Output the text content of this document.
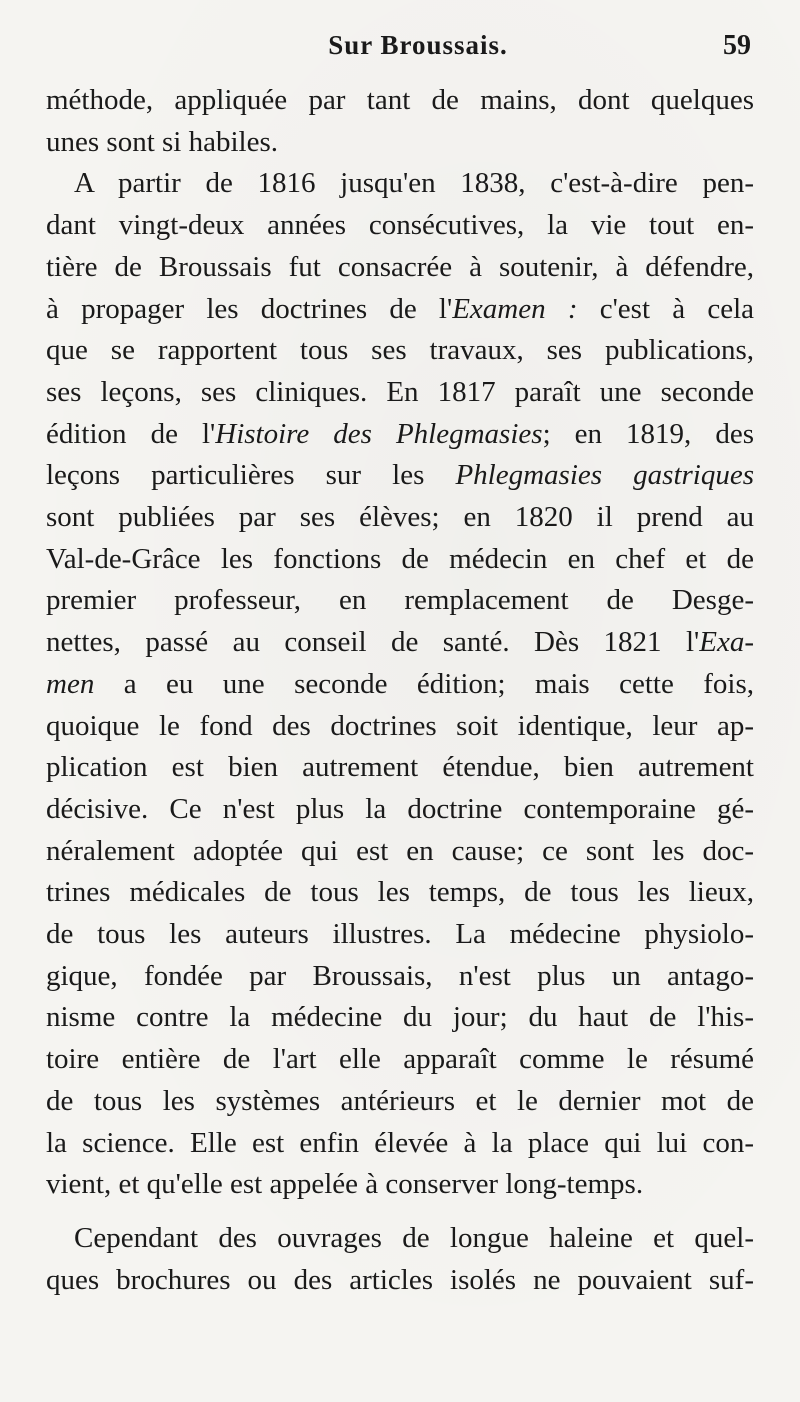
Sur Broussais.	59

méthode, appliquée par tant de mains, dont quelques
unes sont si habiles.

A partir de 1816 jusqu'en 1838, c'est-à-dire pen-

dant vingt-deux années consécutives, la vie tout en-
tière de Broussais fut consacrée à soutenir, à défendre,
à propager les doctrines de l'Examen : c'est à cela
que se rapportent tous ses travaux, ses publications,
ses leçons, ses cliniques. En 1817 paraît une seconde
édition de l'Histoire des Phlegmasies; en 1819, des
leçons particulières sur les Phlegmasies gastriques
sont publiées par ses élèves; en 1820 il prend au
Val-de-Grâce les fonctions de médecin en chef et de
premier professeur, en remplacement de Desge-
nettes, passé au conseil de santé. Dès 1821 l'Exa-
men a eu une seconde édition; mais cette fois,
quoique le fond des doctrines soit identique, leur ap-
plication est bien autrement étendue, bien autrement
décisive. Ce n'est plus la doctrine contemporaine gé-
néralement adoptée qui est en cause; ce sont les doc-
trines médicales de tous les temps, de tous les lieux,
de tous les auteurs illustres. La médecine physiolo-
gique, fondée par Broussais, n'est plus un antago-
nisme contre la médecine du jour; du haut de l'his-
toire entière de l'art elle apparaît comme le résumé
de tous les systèmes antérieurs et le dernier mot de
la science. Elle est enfin élevée à la place qui lui con-
vient, et qu'elle est appelée à conserver long-temps.

Cependant des ouvrages de longue haleine et quel-

ques brochures ou des articles isolés ne pouvaient suf-
